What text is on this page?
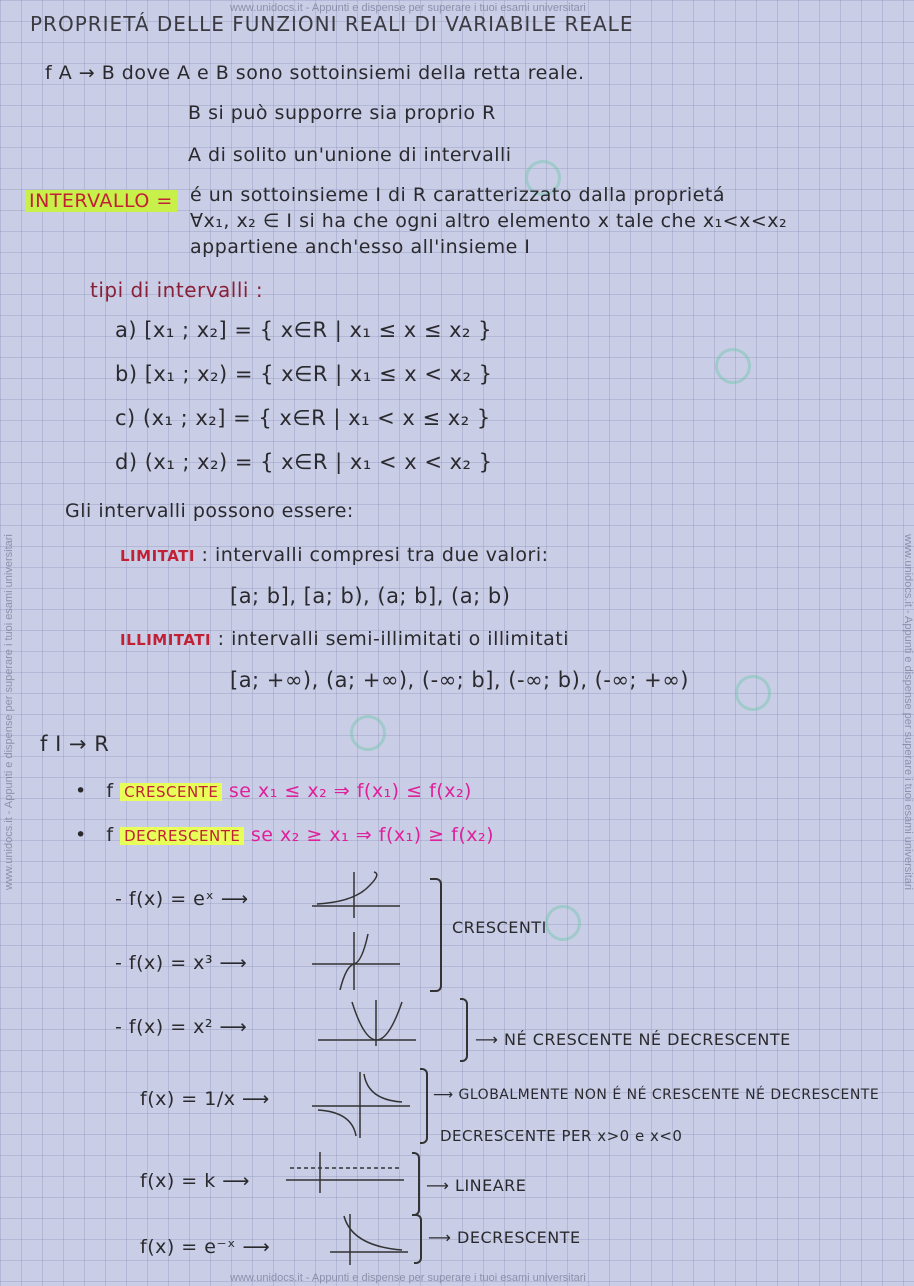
www.unidocs.it - Appunti e dispense per superare i tuoi esami universitari
www.unidocs.it - Appunti e dispense per superare i tuoi esami universitari
www.unidocs.it - Appunti e dispense per superare i tuoi esami universitari	www.unidocs.it - Appunti e dispense per superare i tuoi esami universitari
PROPRIETÁ DELLE FUNZIONI REALI DI VARIABILE REALE
f A → B dove A e B sono sottoinsiemi della retta reale.
B si può supporre sia proprio R
A di solito un'unione di intervalli
INTERVALLO = é un sottoinsieme I di R caratterizzato dalla proprietá
∀x₁, x₂ ∈ I si ha che ogni altro elemento x tale che x₁<x<x₂
appartiene anch'esso all'insieme I
tipi di intervalli :
a) [x₁ ; x₂] = { x∈R | x₁ ≤ x ≤ x₂ }
b) [x₁ ; x₂) = { x∈R | x₁ ≤ x < x₂ }
c) (x₁ ; x₂] = { x∈R | x₁ < x ≤ x₂ }
d) (x₁ ; x₂) = { x∈R | x₁ < x < x₂ }
Gli intervalli possono essere:
LIMITATI : intervalli compresi tra due valori:
[a; b], [a; b), (a; b], (a; b)
ILLIMITATI : intervalli semi-illimitati o illimitati
[a; +∞), (a; +∞), (-∞; b], (-∞; b), (-∞; +∞)
f I → R
• f CRESCENTE se x₁ ≤ x₂ ⇒ f(x₁) ≤ f(x₂)
• f DECRESCENTE se x₂ ≥ x₁ ⇒ f(x₁) ≥ f(x₂)
- f(x) = eˣ ⟶
- f(x) = x³ ⟶
- f(x) = x² ⟶
f(x) = 1/x ⟶
f(x) = k ⟶
f(x) = e⁻ˣ ⟶
CRESCENTI
⟶ NÉ CRESCENTE NÉ DECRESCENTE
⟶ GLOBALMENTE NON É NÉ CRESCENTE NÉ DECRESCENTE
DECRESCENTE PER x>0 e x<0
⟶ LINEARE
⟶ DECRESCENTE
